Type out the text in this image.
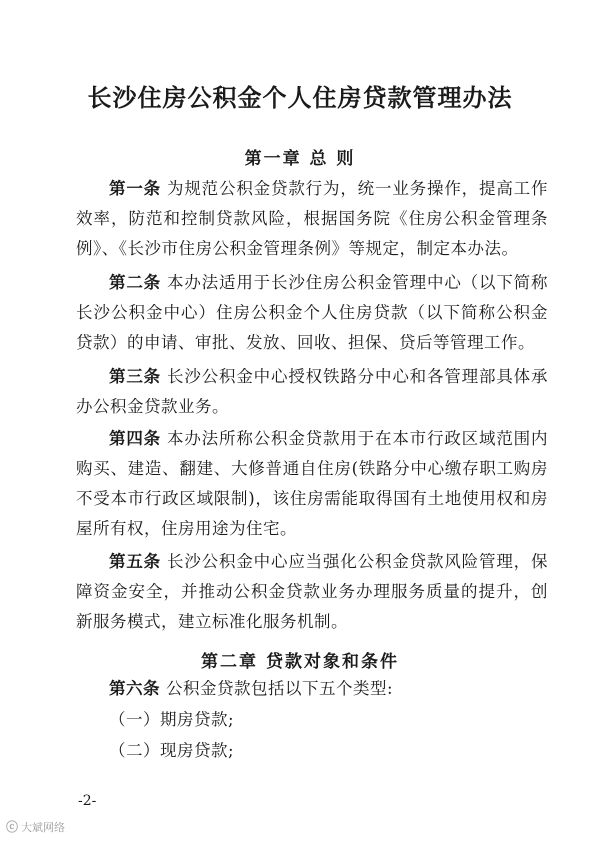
长沙住房公积金个人住房贷款管理办法
第一章 总 则
第一条 为规范公积金贷款行为，统一业务操作，提高工作效率，防范和控制贷款风险，根据国务院《住房公积金管理条例》、《长沙市住房公积金管理条例》等规定，制定本办法。
第二条 本办法适用于长沙住房公积金管理中心（以下简称长沙公积金中心）住房公积金个人住房贷款（以下简称公积金贷款）的申请、审批、发放、回收、担保、贷后等管理工作。
第三条 长沙公积金中心授权铁路分中心和各管理部具体承办公积金贷款业务。
第四条 本办法所称公积金贷款用于在本市行政区域范围内购买、建造、翻建、大修普通自住房(铁路分中心缴存职工购房不受本市行政区域限制)，该住房需能取得国有土地使用权和房屋所有权，住房用途为住宅。
第五条 长沙公积金中心应当强化公积金贷款风险管理，保障资金安全，并推动公积金贷款业务办理服务质量的提升，创新服务模式，建立标准化服务机制。
第二章 贷款对象和条件
第六条 公积金贷款包括以下五个类型:
（一）期房贷款;
（二）现房贷款;
-2-
ⓒ 大斌网络
